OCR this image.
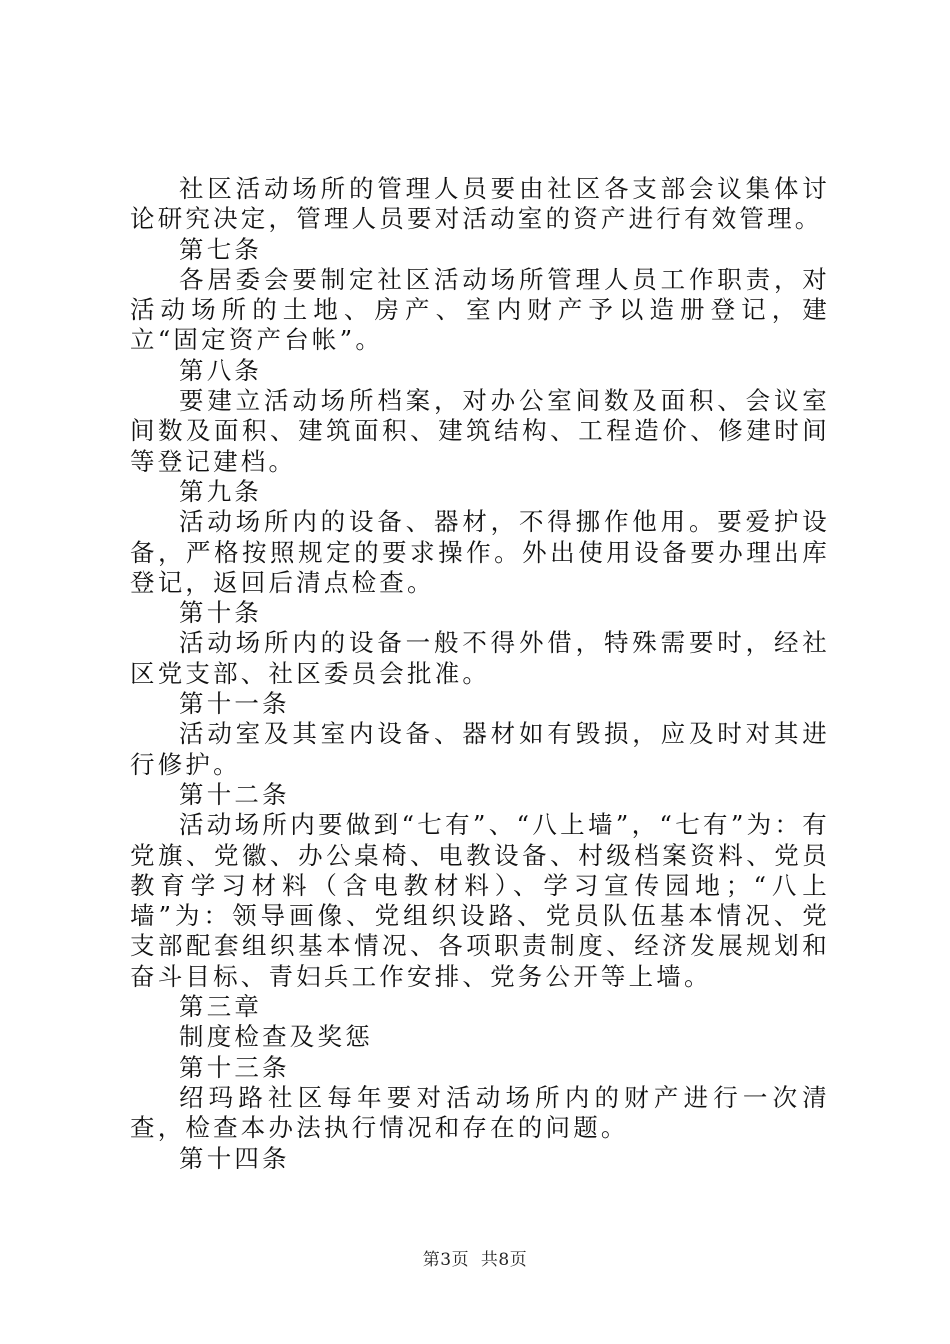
社区活动场所的管理人员要由社区各支部会议集体讨论研究决定，管理人员要对活动室的资产进行有效管理。

第七条

各居委会要制定社区活动场所管理人员工作职责，对活动场所的土地、房产、室内财产予以造册登记，建立“固定资产台帐”。

第八条

要建立活动场所档案，对办公室间数及面积、会议室间数及面积、建筑面积、建筑结构、工程造价、修建时间等登记建档。

第九条

活动场所内的设备、器材，不得挪作他用。要爱护设备，严格按照规定的要求操作。外出使用设备要办理出库登记，返回后清点检查。

第十条

活动场所内的设备一般不得外借，特殊需要时，经社区党支部、社区委员会批准。

第十一条

活动室及其室内设备、器材如有毁损，应及时对其进行修护。

第十二条

活动场所内要做到“七有”、“八上墙”，“七有”为：有党旗、党徽、办公桌椅、电教设备、村级档案资料、党员教育学习材料（含电教材料）、学习宣传园地；“八上墙”为：领导画像、党组织设路、党员队伍基本情况、党支部配套组织基本情况、各项职责制度、经济发展规划和奋斗目标、青妇兵工作安排、党务公开等上墙。

第三章

制度检查及奖惩

第十三条

绍玛路社区每年要对活动场所内的财产进行一次清查，检查本办法执行情况和存在的问题。

第十四条

第3页 共8页
